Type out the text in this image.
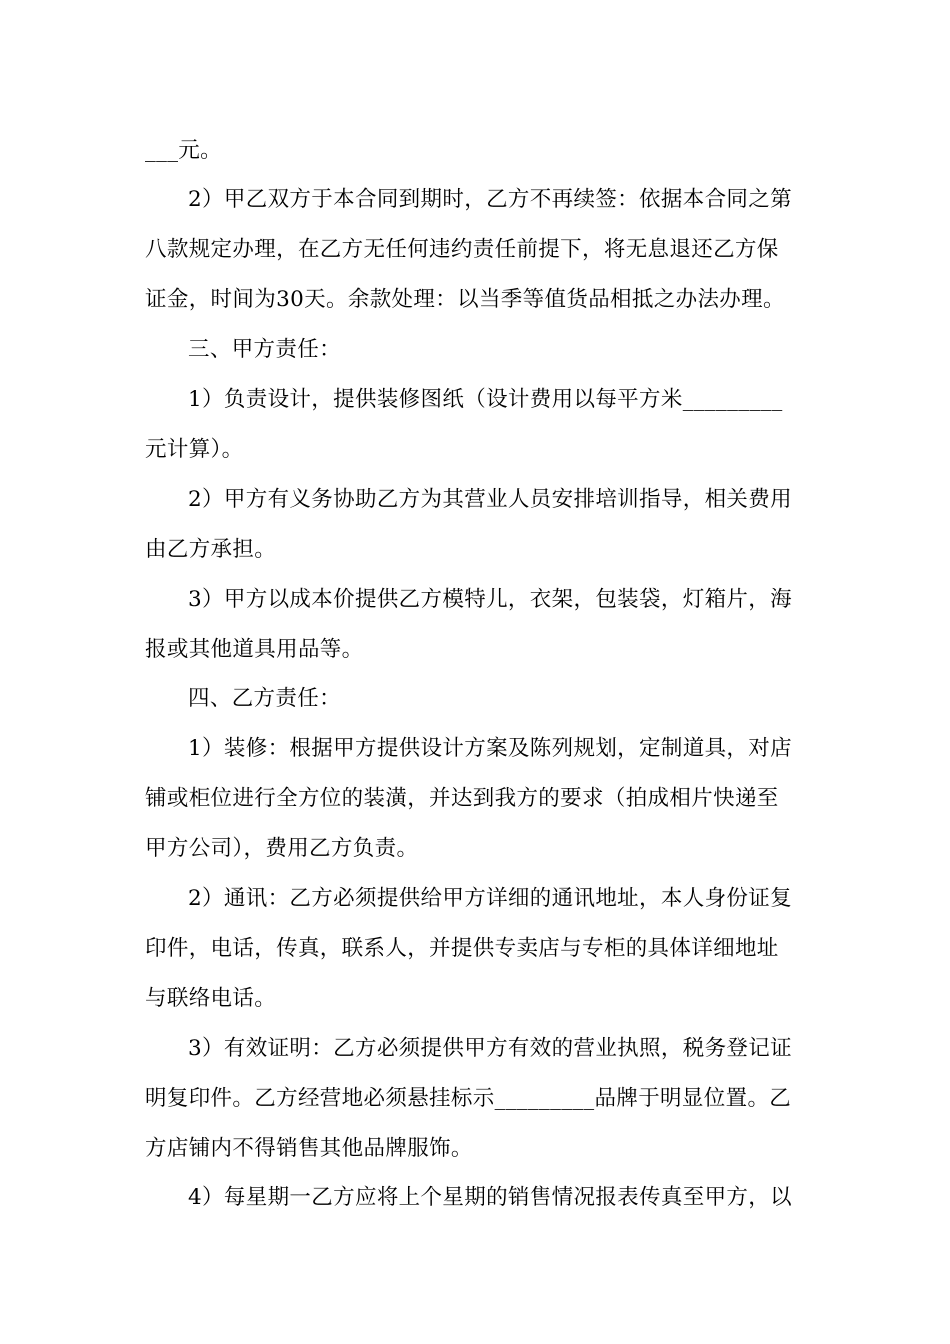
___元。
2）甲乙双方于本合同到期时，乙方不再续签：依据本合同之第
八款规定办理，在乙方无任何违约责任前提下，将无息退还乙方保
证金，时间为30天。余款处理：以当季等值货品相抵之办法办理。
三、甲方责任：
1）负责设计，提供装修图纸（设计费用以每平方米_________
元计算）。
2）甲方有义务协助乙方为其营业人员安排培训指导，相关费用
由乙方承担。
3）甲方以成本价提供乙方模特儿，衣架，包装袋，灯箱片，海
报或其他道具用品等。
四、乙方责任：
1）装修：根据甲方提供设计方案及陈列规划，定制道具，对店
铺或柜位进行全方位的装潢，并达到我方的要求（拍成相片快递至
甲方公司），费用乙方负责。
2）通讯：乙方必须提供给甲方详细的通讯地址，本人身份证复
印件，电话，传真，联系人，并提供专卖店与专柜的具体详细地址
与联络电话。
3）有效证明：乙方必须提供甲方有效的营业执照，税务登记证
明复印件。乙方经营地必须悬挂标示_________品牌于明显位置。乙
方店铺内不得销售其他品牌服饰。
4）每星期一乙方应将上个星期的销售情况报表传真至甲方，以
